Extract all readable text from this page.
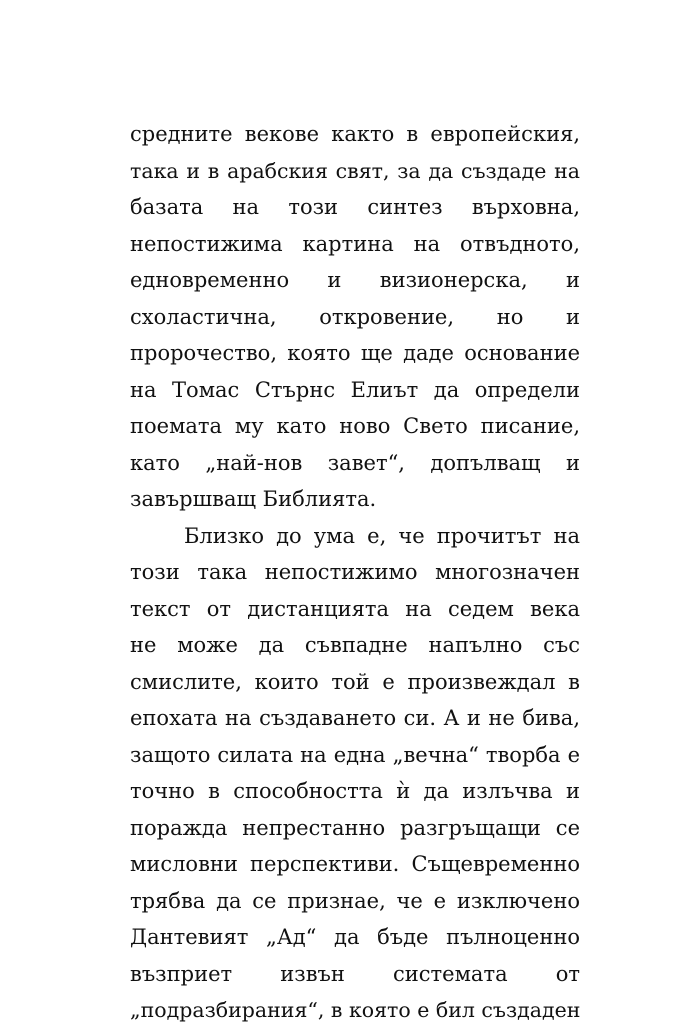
средните векове както в европейския,
така и в арабския свят, за да създаде на
базата на този синтез върховна,
непостижима картина на отвъдното,
едновременно и визионерска, и
схоластична, откровение, но и
пророчество, която ще даде основание
на Томас Стърнс Елиът да определи
поемата му като ново Свето писание,
като „най-нов завет“, допълващ и
завършващ Библията.
Близко до ума е, че прочитът на
този така непостижимо многозначен
текст от дистанцията на седем века
не може да съвпадне напълно със
смислите, които той е произвеждал в
епохата на създаването си. А и не бива,
защото силата на една „вечна“ творба е
точно в способността ѝ да излъчва и
поражда непрестанно разгръщащи се
мисловни перспективи. Същевременно
трябва да се признае, че е изключено
Дантевият „Ад“ да бъде пълноценно
възприет извън системата от
„подразбирания“, в която е бил създаден
